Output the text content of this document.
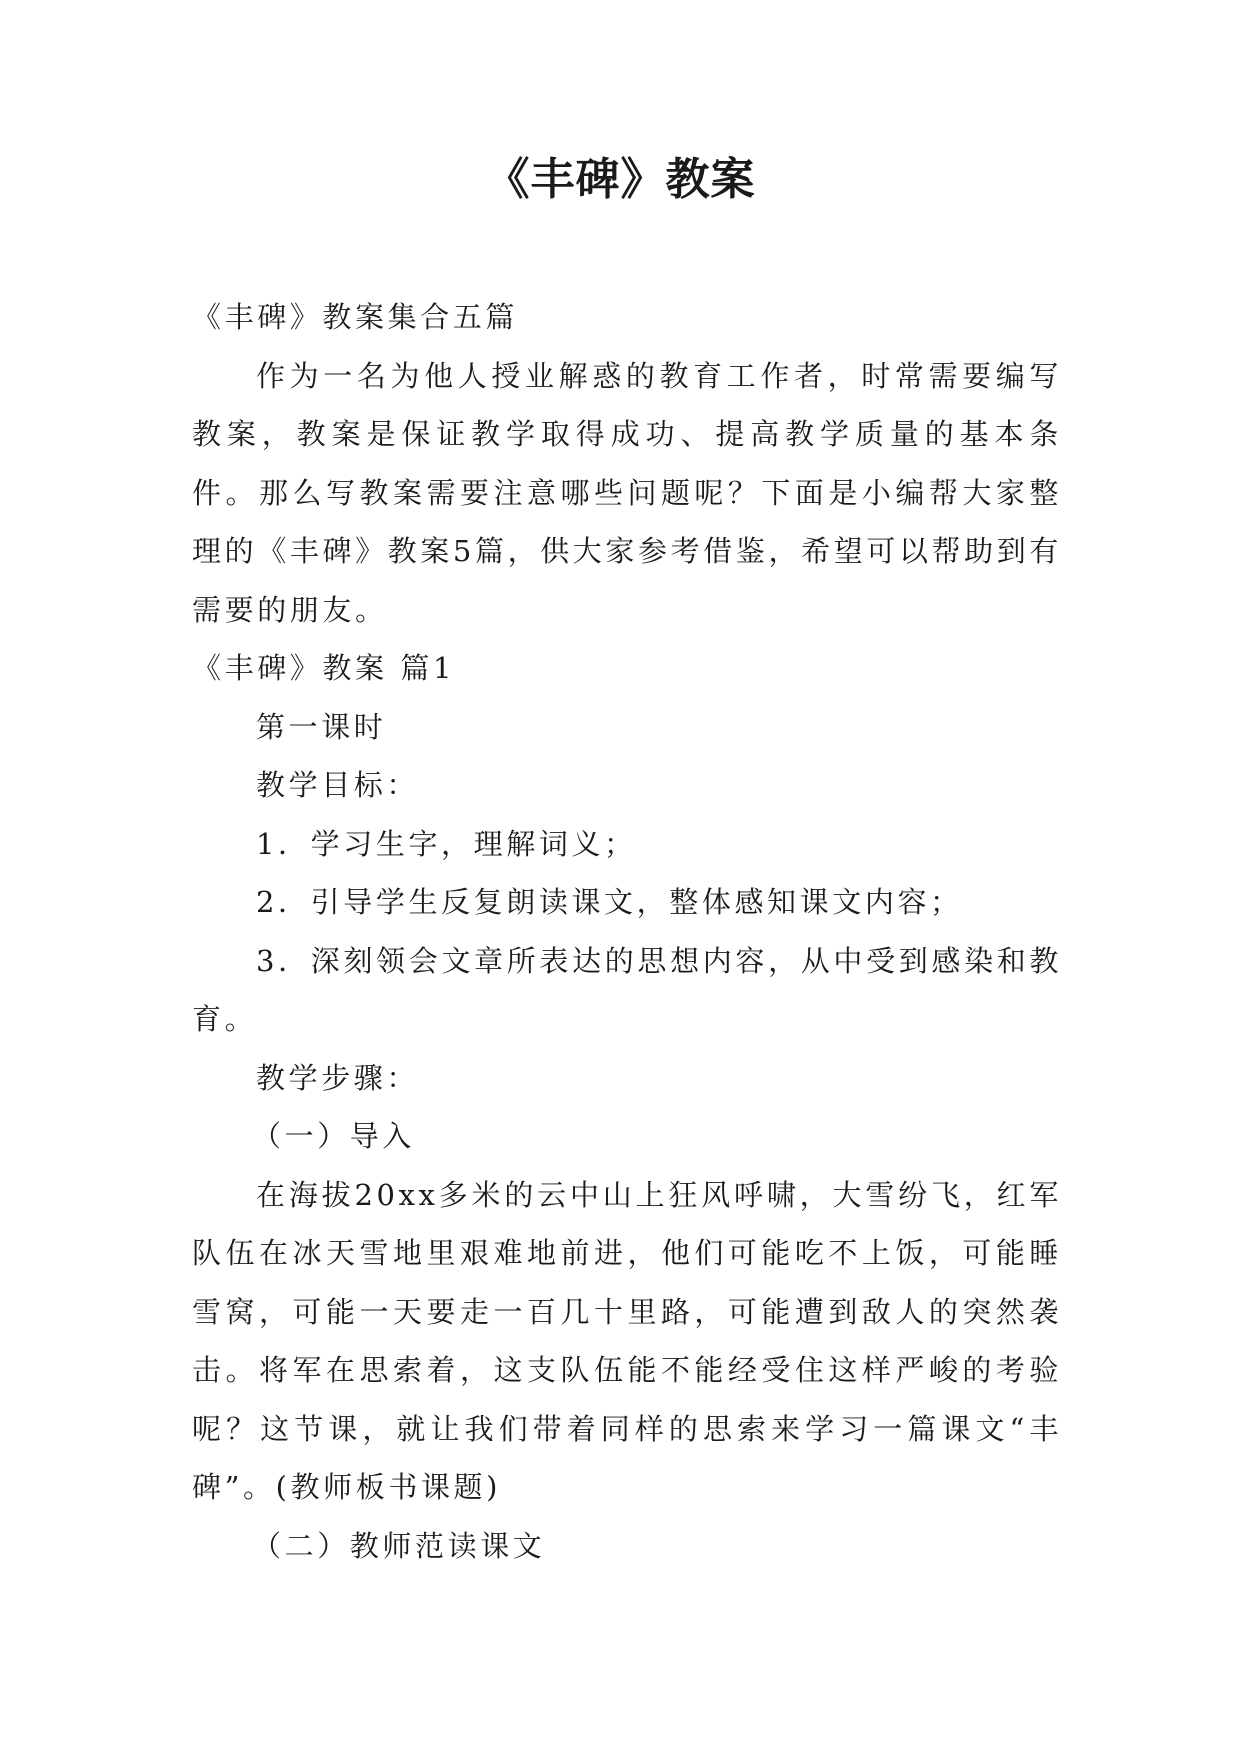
《丰碑》教案

《丰碑》教案集合五篇

作为一名为他人授业解惑的教育工作者，时常需要编写教案，教案是保证教学取得成功、提高教学质量的基本条件。那么写教案需要注意哪些问题呢？下面是小编帮大家整理的《丰碑》教案5篇，供大家参考借鉴，希望可以帮助到有需要的朋友。

《丰碑》教案 篇1

第一课时

教学目标：

1．学习生字，理解词义；

2．引导学生反复朗读课文，整体感知课文内容；

3．深刻领会文章所表达的思想内容，从中受到感染和教育。

教学步骤：

（一）导入

在海拔20xx多米的云中山上狂风呼啸，大雪纷飞，红军队伍在冰天雪地里艰难地前进，他们可能吃不上饭，可能睡雪窝，可能一天要走一百几十里路，可能遭到敌人的突然袭击。将军在思索着，这支队伍能不能经受住这样严峻的考验呢？这节课，就让我们带着同样的思索来学习一篇课文“丰碑”。(教师板书课题)

（二）教师范读课文
